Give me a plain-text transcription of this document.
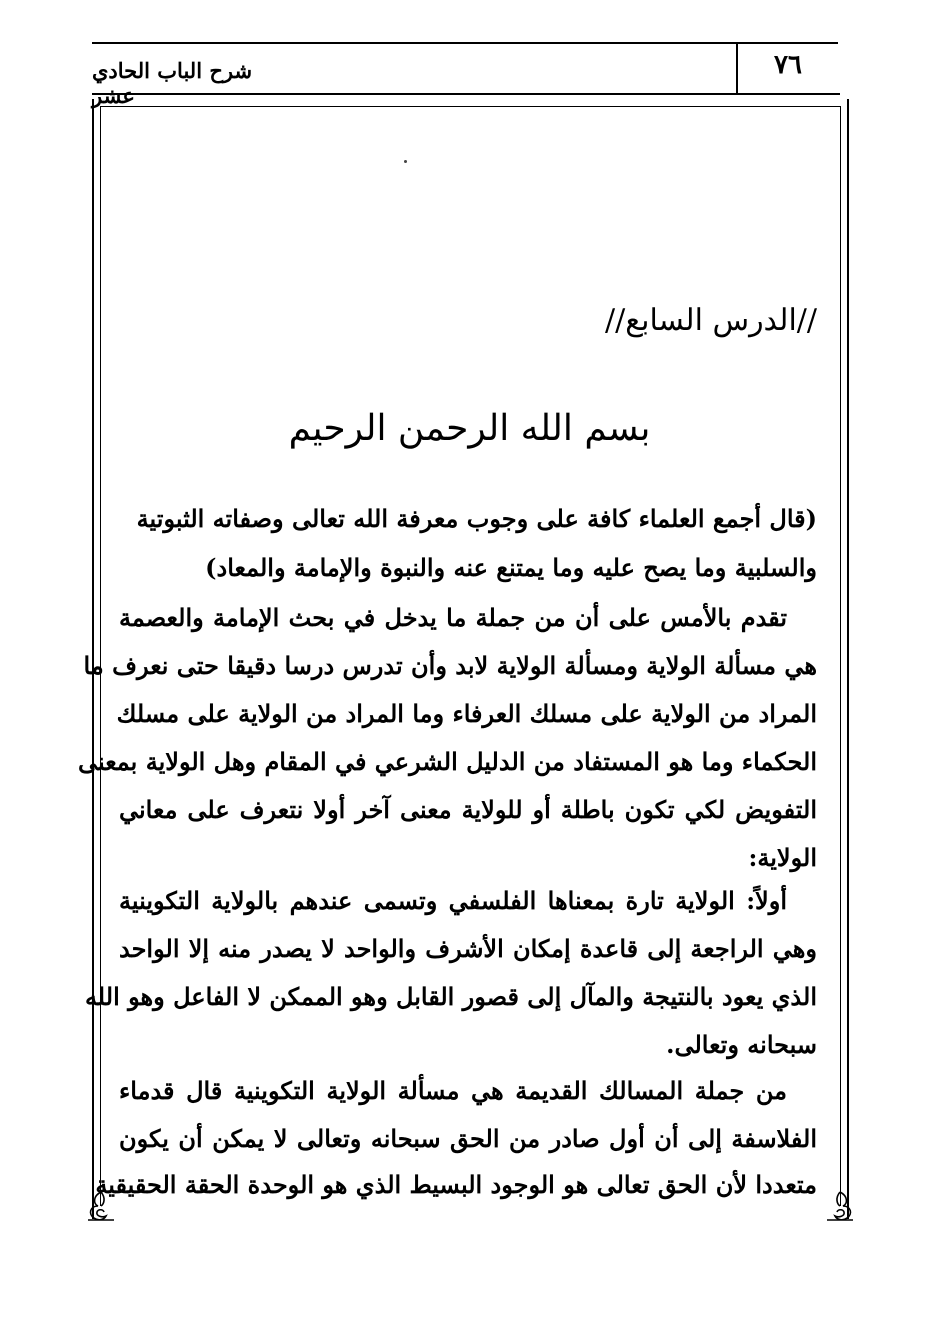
٧٦
شرح الباب الحادي عشر
//الدرس السابع//
بسم الله الرحمن الرحيم
(قال أجمع العلماء كافة على وجوب معرفة الله تعالى وصفاته الثبوتية
والسلبية وما يصح عليه وما يمتنع عنه والنبوة والإمامة والمعاد)
تقدم بالأمس على أن من جملة ما يدخل في بحث الإمامة والعصمة
هي مسألة الولاية ومسألة الولاية لابد وأن تدرس درسا دقيقا حتى نعرف ما
المراد من الولاية على مسلك العرفاء وما المراد من الولاية على مسلك
الحكماء وما هو المستفاد من الدليل الشرعي في المقام وهل الولاية بمعنى
التفويض لكي تكون باطلة أو للولاية معنى آخر أولا نتعرف على معاني
الولاية:
أولاً: الولاية تارة بمعناها الفلسفي وتسمى عندهم بالولاية التكوينية
وهي الراجعة إلى قاعدة إمكان الأشرف والواحد لا يصدر منه إلا الواحد
الذي يعود بالنتيجة والمآل إلى قصور القابل وهو الممكن لا الفاعل وهو الله
سبحانه وتعالى.
من جملة المسالك القديمة هي مسألة الولاية التكوينية قال قدماء
الفلاسفة إلى أن أول صادر من الحق سبحانه وتعالى لا يمكن أن يكون
متعددا لأن الحق تعالى هو الوجود البسيط الذي هو الوحدة الحقة الحقيقية
